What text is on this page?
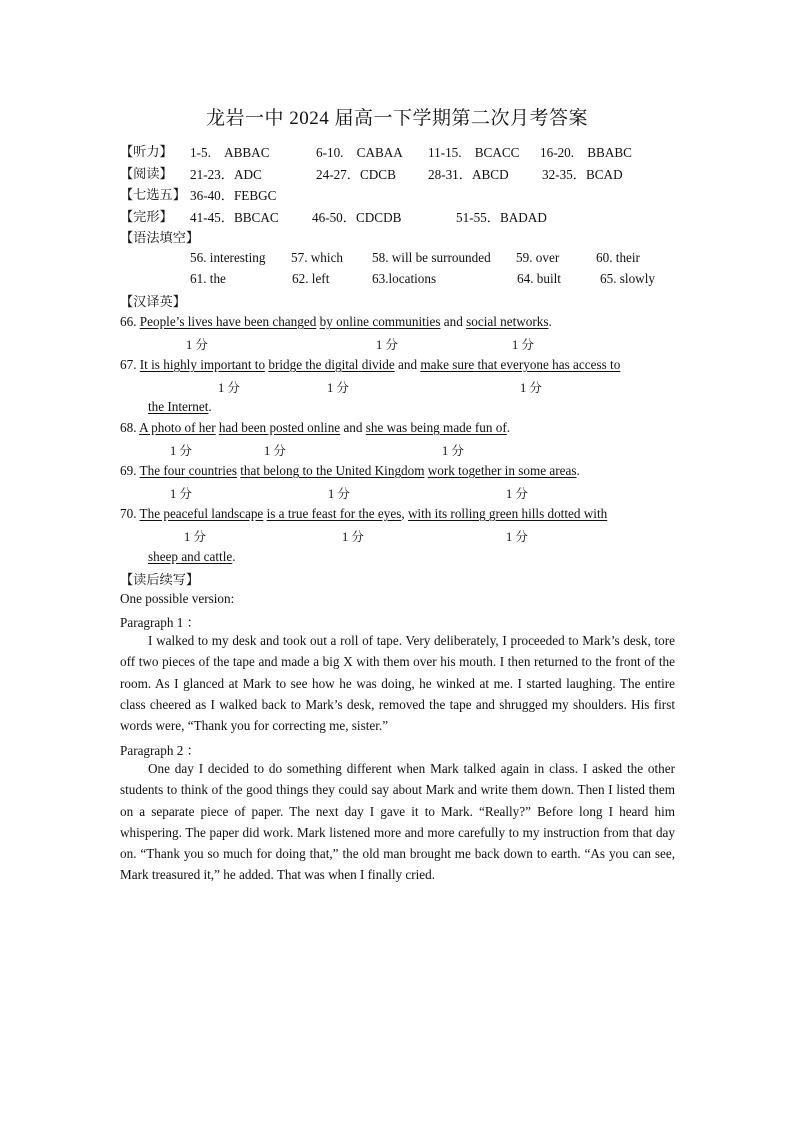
龙岩一中 2024 届高一下学期第二次月考答案
【听力】 1-5.　ABBAC	6-10.　CABAA 11-15.　BCACC 16-20.　BBABC
【阅读】 21-23．ADC	24-27．CDCB 28-31．ABCD	32-35．BCAD
【七选五】 36-40．FEBGC
【完形】 41-45．BBCAC	46-50．CDCDB	51-55．BADAD
【语法填空】
56. interesting 57. which 58. will be surrounded 59. over	60. their
61. the	62. left	63.locations	64. built	65. slowly
【汉译英】
66. People’s lives have been changed by online communities and social networks.
1 分	1 分	1 分
67. It is highly important to bridge the digital divide and make sure that everyone has access to
1 分	1 分	1 分
the Internet.
68. A photo of her had been posted online and she was being made fun of.
1 分	1 分	1 分
69. The four countries that belong to the United Kingdom work together in some areas.
1 分	1 分	1 分
70. The peaceful landscape is a true feast for the eyes, with its rolling green hills dotted with
1 分	1 分	1 分
sheep and cattle.
【读后续写】
One possible version:
Paragraph 1 ：

I walked to my desk and took out a roll of tape. Very deliberately, I proceeded to Mark’s desk, tore off two pieces of the tape and made a big X with them over his mouth. I then returned to the front of the room. As I glanced at Mark to see how he was doing, he winked at me. I started laughing. The entire class cheered as I walked back to Mark’s desk, removed the tape and shrugged my shoulders. His first words were, “Thank you for correcting me, sister.”

Paragraph 2 ：

One day I decided to do something different when Mark talked again in class. I asked the other students to think of the good things they could say about Mark and write them down. Then I listed them on a separate piece of paper. The next day I gave it to Mark. “Really?” Before long I heard him whispering. The paper did work. Mark listened more and more carefully to my instruction from that day on. “Thank you so much for doing that,” the old man brought me back down to earth. “As you can see, Mark treasured it,” he added. That was when I finally cried.
